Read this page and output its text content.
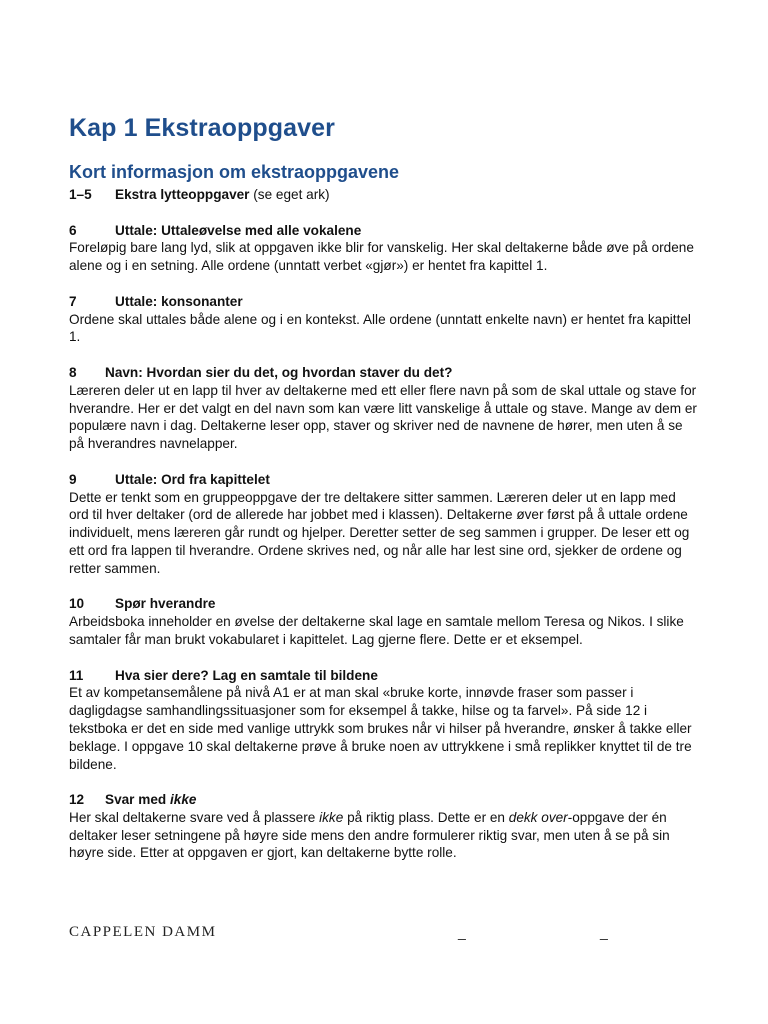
Kap 1 Ekstraoppgaver
Kort informasjon om ekstraoppgavene
1–5	Ekstra lytteoppgaver (se eget ark)
6	Uttale: Uttaleøvelse med alle vokalene
Foreløpig bare lang lyd, slik at oppgaven ikke blir for vanskelig. Her skal deltakerne både øve på ordene alene og i en setning. Alle ordene (unntatt verbet «gjør») er hentet fra kapittel 1.
7	Uttale: konsonanter
Ordene skal uttales både alene og i en kontekst. Alle ordene (unntatt enkelte navn) er hentet fra kapittel 1.
8	Navn: Hvordan sier du det, og hvordan staver du det?
Læreren deler ut en lapp til hver av deltakerne med ett eller flere navn på som de skal uttale og stave for hverandre. Her er det valgt en del navn som kan være litt vanskelige å uttale og stave. Mange av dem er populære navn i dag. Deltakerne leser opp, staver og skriver ned de navnene de hører, men uten å se på hverandres navnelapper.
9	Uttale: Ord fra kapittelet
Dette er tenkt som en gruppeoppgave der tre deltakere sitter sammen. Læreren deler ut en lapp med ord til hver deltaker (ord de allerede har jobbet med i klassen). Deltakerne øver først på å uttale ordene individuelt, mens læreren går rundt og hjelper. Deretter setter de seg sammen i grupper. De leser ett og ett ord fra lappen til hverandre. Ordene skrives ned, og når alle har lest sine ord, sjekker de ordene og retter sammen.
10	Spør hverandre
Arbeidsboka inneholder en øvelse der deltakerne skal lage en samtale mellom Teresa og Nikos. I slike samtaler får man brukt vokabularet i kapittelet. Lag gjerne flere. Dette er et eksempel.
11	Hva sier dere? Lag en samtale til bildene
Et av kompetansemålene på nivå A1 er at man skal «bruke korte, innøvde fraser som passer i dagligdagse samhandlingssituasjoner som for eksempel å takke, hilse og ta farvel». På side 12 i tekstboka er det en side med vanlige uttrykk som brukes når vi hilser på hverandre, ønsker å takke eller beklage. I oppgave 10 skal deltakerne prøve å bruke noen av uttrykkene i små replikker knyttet til de tre bildene.
12	Svar med ikke
Her skal deltakerne svare ved å plassere ikke på riktig plass. Dette er en dekk over-oppgave der én deltaker leser setningene på høyre side mens den andre formulerer riktig svar, men uten å se på sin høyre side. Etter at oppgaven er gjort, kan deltakerne bytte rolle.
CAPPELEN DAMM	_	_
